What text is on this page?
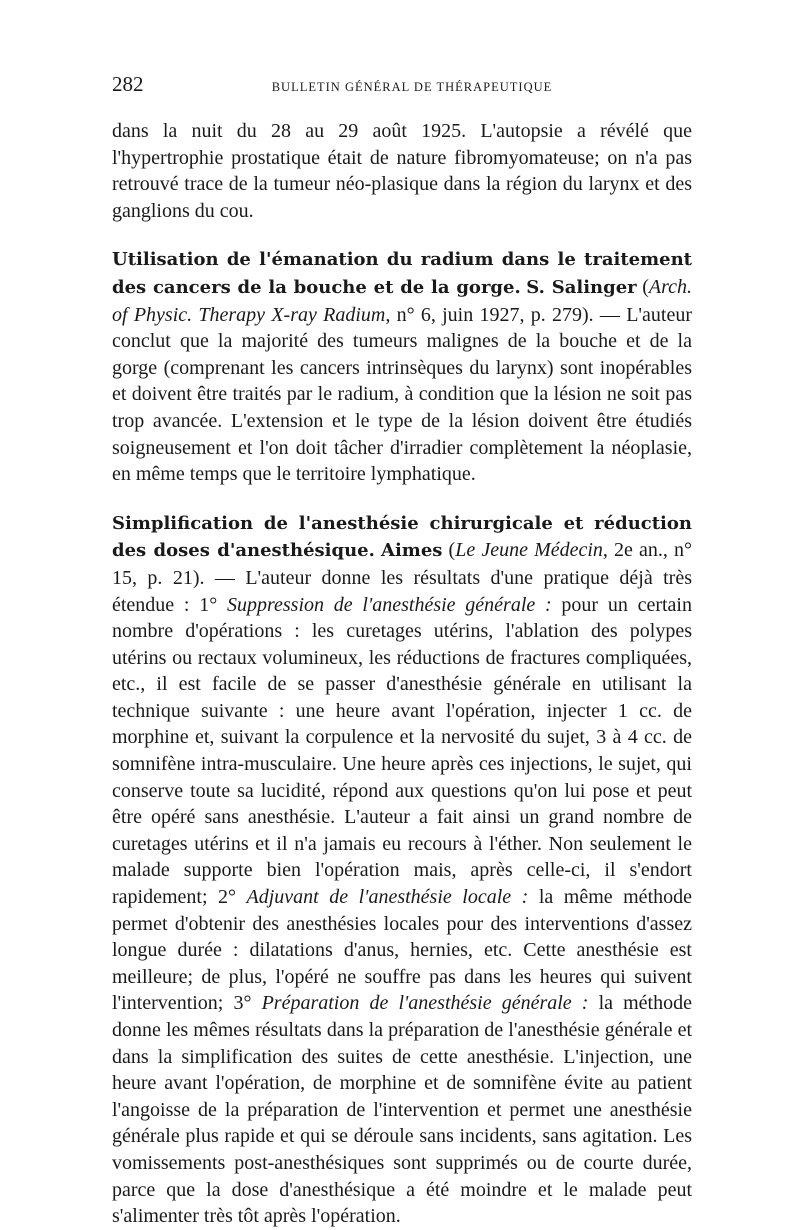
282	BULLETIN GÉNÉRAL DE THÉRAPEUTIQUE

dans la nuit du 28 au 29 août 1925. L'autopsie a révélé que l'hypertrophie prostatique était de nature fibromyomateuse; on n'a pas retrouvé trace de la tumeur néo-plasique dans la région du larynx et des ganglions du cou.

Utilisation de l'émanation du radium dans le traitement des cancers de la bouche et de la gorge. S. Salinger (Arch. of Physic. Therapy X-ray Radium, n° 6, juin 1927, p. 279). — L'auteur conclut que la majorité des tumeurs malignes de la bouche et de la gorge (comprenant les cancers intrinsèques du larynx) sont inopérables et doivent être traités par le radium, à condition que la lésion ne soit pas trop avancée. L'extension et le type de la lésion doivent être étudiés soigneusement et l'on doit tâcher d'irradier complètement la néoplasie, en même temps que le territoire lymphatique.

Simplification de l'anesthésie chirurgicale et réduction des doses d'anesthésique. Aimes (Le Jeune Médecin, 2e an., n° 15, p. 21). — L'auteur donne les résultats d'une pratique déjà très étendue : 1° Suppression de l'anesthésie générale : pour un certain nombre d'opérations : les curetages utérins, l'ablation des polypes utérins ou rectaux volumineux, les réductions de fractures compliquées, etc., il est facile de se passer d'anesthésie générale en utilisant la technique suivante : une heure avant l'opération, injecter 1 cc. de morphine et, suivant la corpulence et la nervosité du sujet, 3 à 4 cc. de somnifène intra-musculaire. Une heure après ces injections, le sujet, qui conserve toute sa lucidité, répond aux questions qu'on lui pose et peut être opéré sans anesthésie. L'auteur a fait ainsi un grand nombre de curetages utérins et il n'a jamais eu recours à l'éther. Non seulement le malade supporte bien l'opération mais, après celle-ci, il s'endort rapidement; 2° Adjuvant de l'anesthésie locale : la même méthode permet d'obtenir des anesthésies locales pour des interventions d'assez longue durée : dilatations d'anus, hernies, etc. Cette anesthésie est meilleure; de plus, l'opéré ne souffre pas dans les heures qui suivent l'intervention; 3° Préparation de l'anesthésie générale : la méthode donne les mêmes résultats dans la préparation de l'anesthésie générale et dans la simplification des suites de cette anesthésie. L'injection, une heure avant l'opération, de morphine et de somnifène évite au patient l'angoisse de la préparation de l'intervention et permet une anesthésie générale plus rapide et qui se déroule sans incidents, sans agitation. Les vomissements post-anesthésiques sont supprimés ou de courte durée, parce que la dose d'anesthésique a été moindre et le malade peut s'alimenter très tôt après l'opération.
